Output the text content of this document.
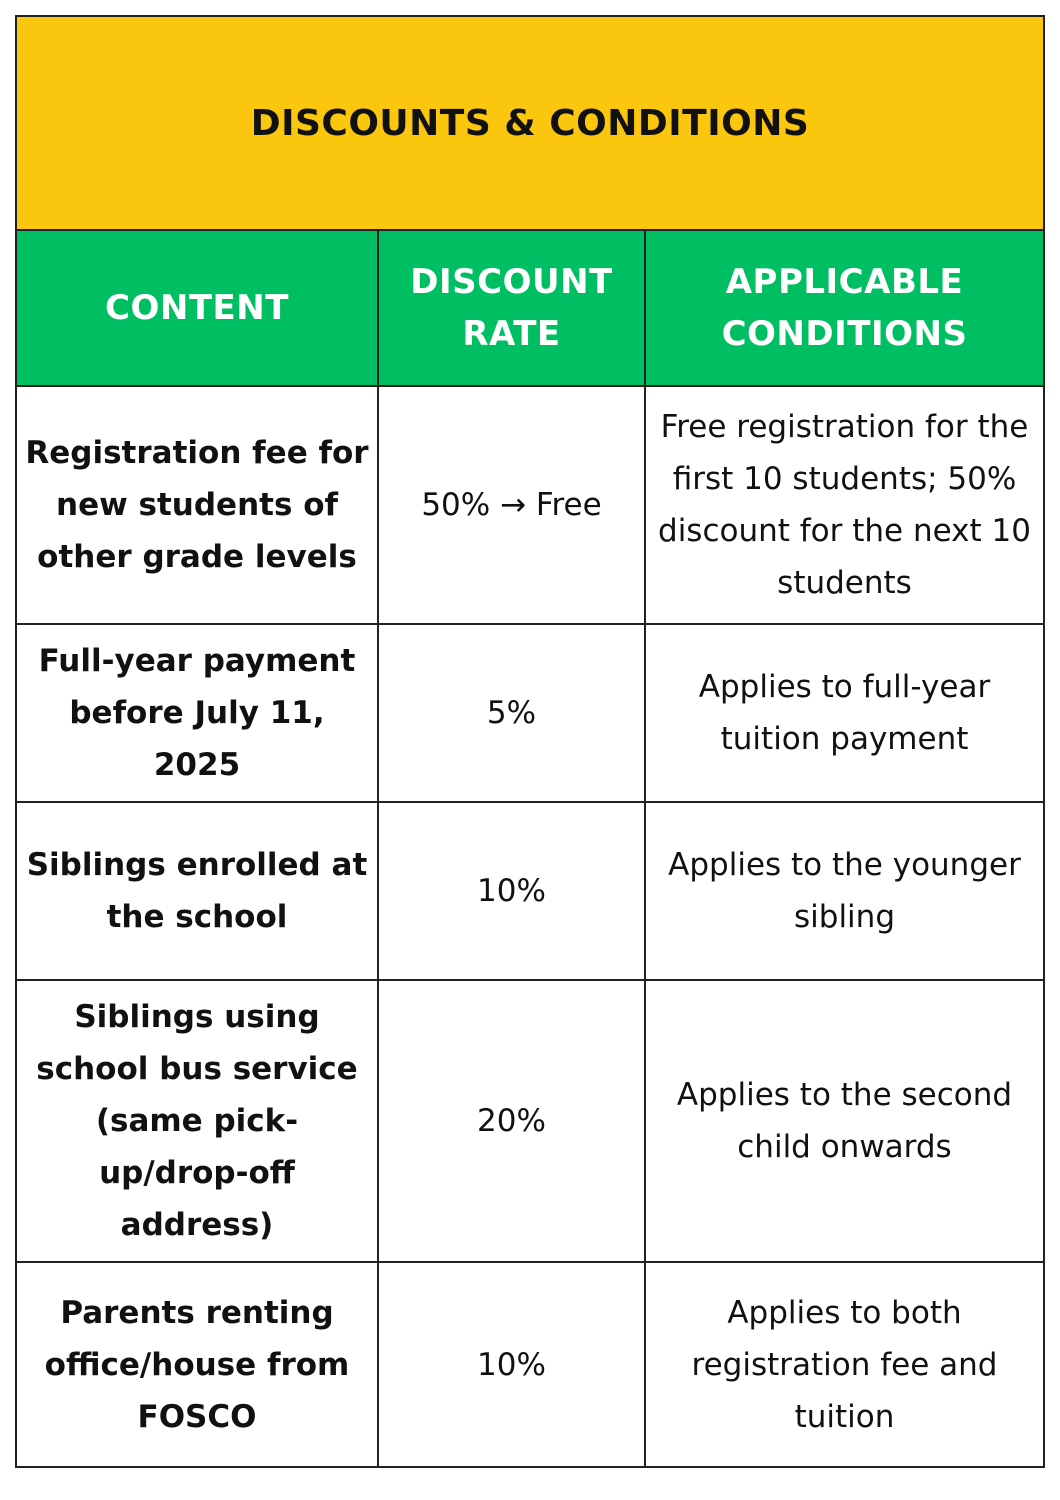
DISCOUNTS & CONDITIONS
CONTENT	DISCOUNT RATE	APPLICABLE CONDITIONS
Registration fee for new students of other grade levels	50% → Free	Free registration for the first 10 students; 50% discount for the next 10 students
Full-year payment before July 11, 2025	5%	Applies to full-year tuition payment
Siblings enrolled at the school	10%	Applies to the younger sibling
Siblings using school bus service (same pick-up/drop-off address)	20%	Applies to the second child onwards
Parents renting office/house from FOSCO	10%	Applies to both registration fee and tuition
